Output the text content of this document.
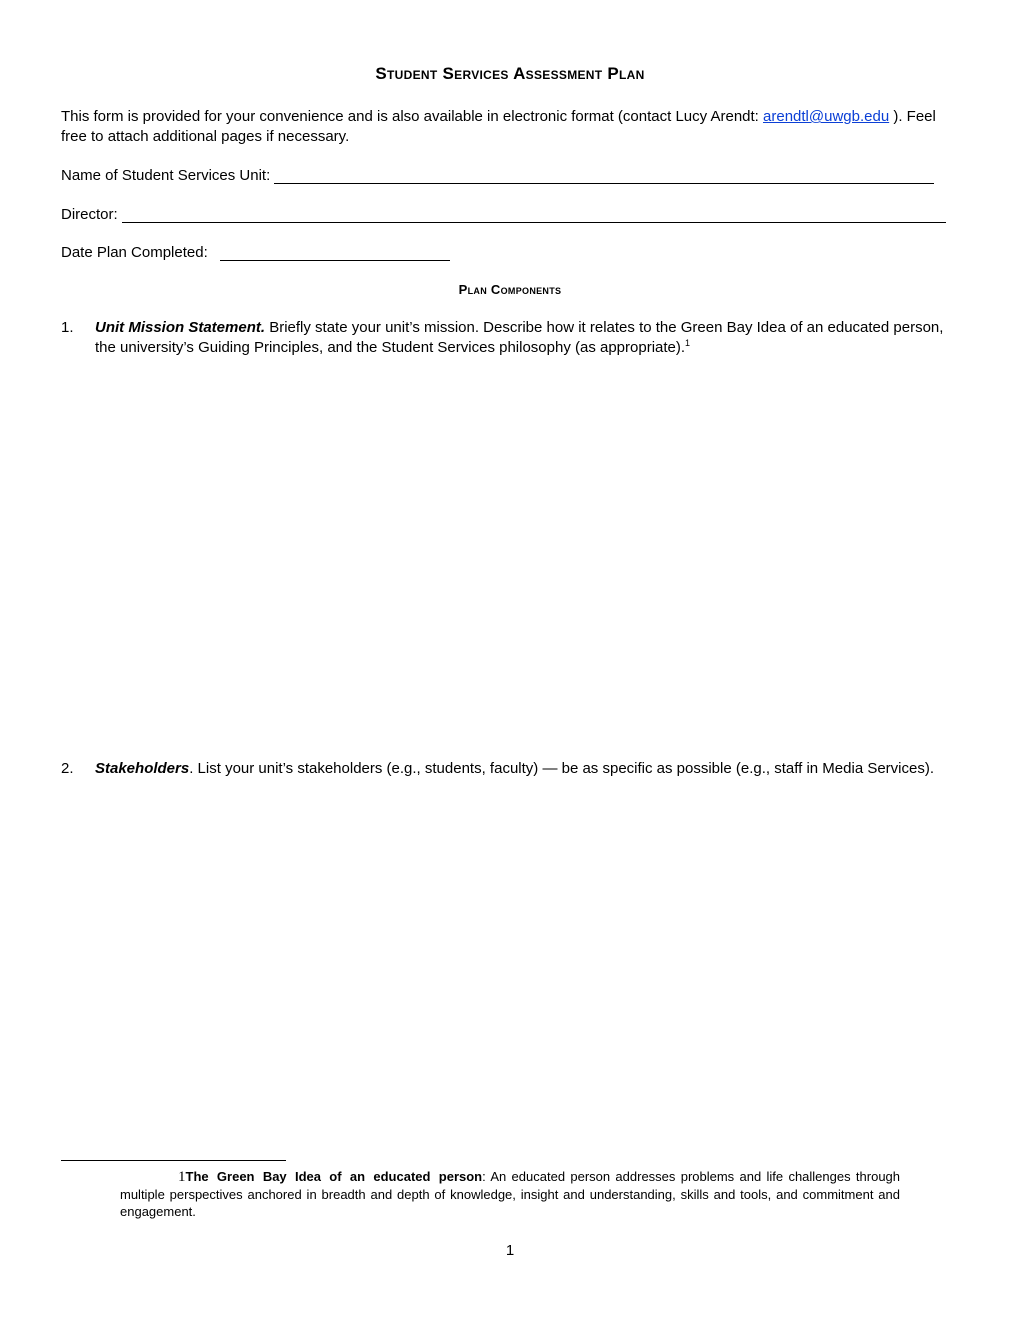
Student Services Assessment Plan
This form is provided for your convenience and is also available in electronic format (contact Lucy Arendt: arendtl@uwgb.edu ). Feel free to attach additional pages if necessary.
Name of Student Services Unit:
Director:
Date Plan Completed:
Plan Components
1. Unit Mission Statement. Briefly state your unit’s mission. Describe how it relates to the Green Bay Idea of an educated person, the university’s Guiding Principles, and the Student Services philosophy (as appropriate).$^1$
2. Stakeholders. List your unit’s stakeholders (e.g., students, faculty) — be as specific as possible (e.g., staff in Media Services).
1The Green Bay Idea of an educated person: An educated person addresses problems and life challenges through multiple perspectives anchored in breadth and depth of knowledge, insight and understanding, skills and tools, and commitment and engagement.
1
